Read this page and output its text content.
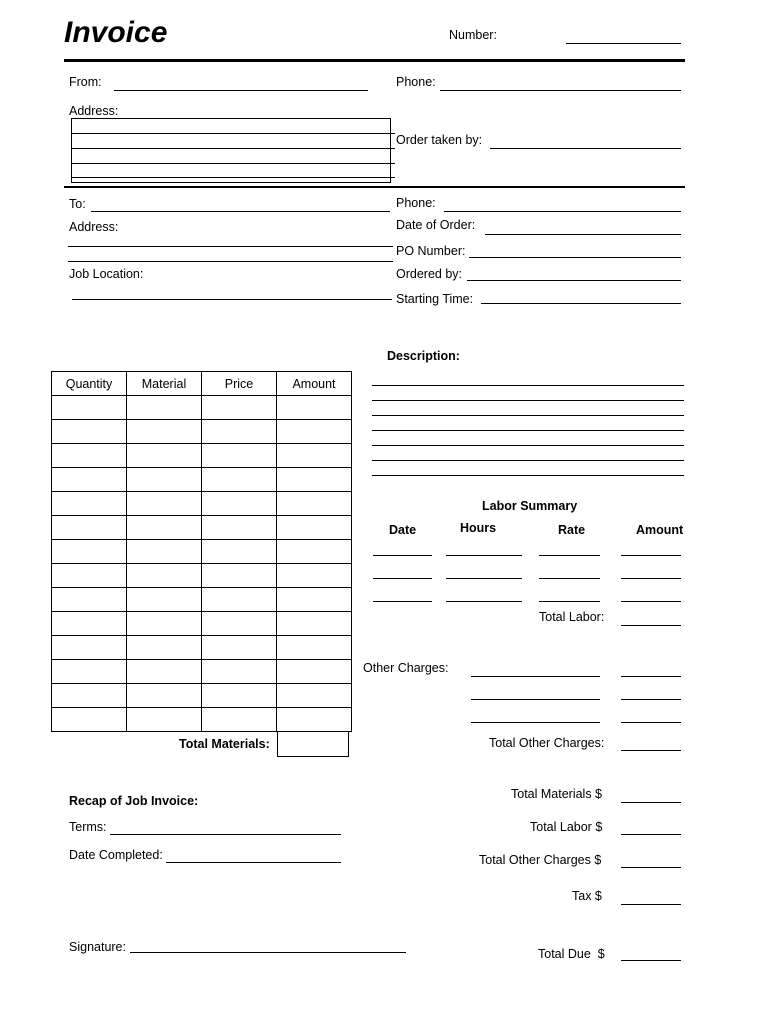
Invoice	Number:
From:	Phone:
Address:
Order taken by:
To:	Phone:
Address:	Date of Order:
PO Number:
Job Location:	Ordered by:
Starting Time:
Description:
Quantity	Material	Price	Amount

Total Materials:
Labor Summary
Date	Hours	Rate	Amount
Total Labor:
Other Charges:
Total Other Charges:
Recap of Job Invoice:
Terms:
Date Completed:
Signature:
Total Materials $
Total Labor $
Total Other Charges $
Tax $
Total Due  $
